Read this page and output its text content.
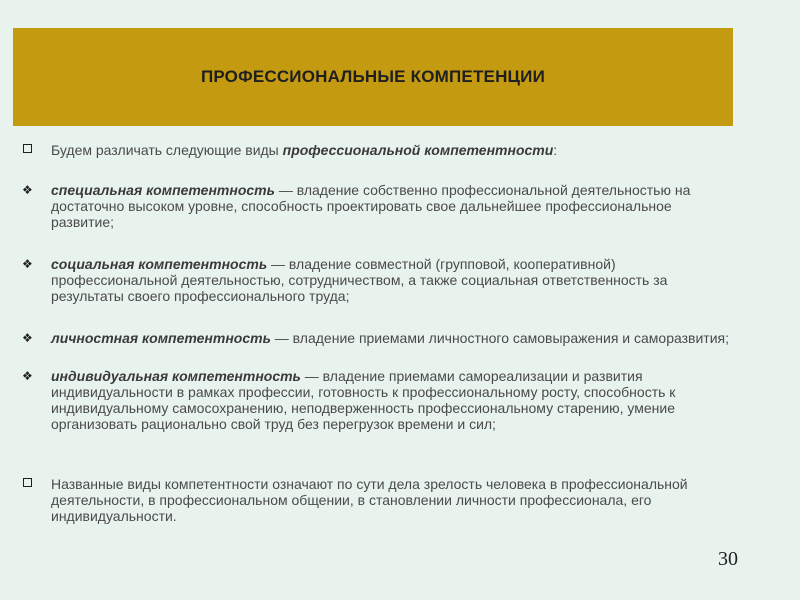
ПРОФЕССИОНАЛЬНЫЕ КОМПЕТЕНЦИИ
Будем различать следующие виды профессиональной компетентности:
❖ специальная компетентность — владение собственно профессиональной деятельностью на достаточно высоком уровне, способность проектировать свое дальнейшее профессиональное развитие;
❖ социальная компетентность — владение совместной (групповой, кооперативной) профессиональной деятельностью, сотрудничеством, а также социальная ответственность за результаты своего профессионального труда;
❖ личностная компетентность — владение приемами личностного самовыражения и саморазвития;
❖ индивидуальная компетентность — владение приемами самореализации и развития индивидуальности в рамках профессии, готовность к профессиональному росту, способность к индивидуальному самосохранению, неподверженность профессиональному старению, умение организовать рационально свой труд без перегрузок времени и сил;
Названные виды компетентности означают по сути дела зрелость человека в профессиональной деятельности, в профессиональном общении, в становлении личности профессионала, его индивидуальности.
30
